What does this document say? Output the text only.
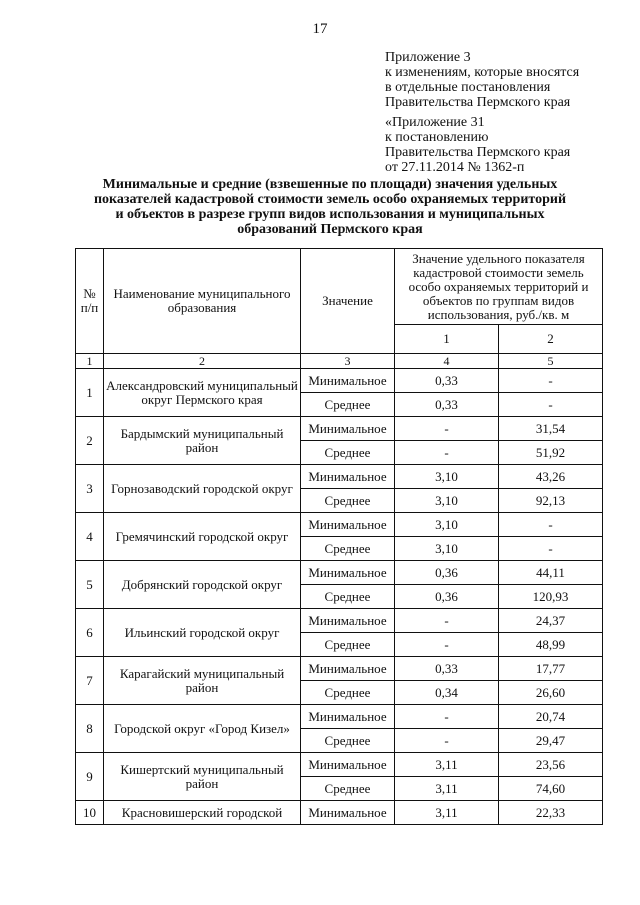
17
Приложение 3
к изменениям, которые вносятся
в отдельные постановления
Правительства Пермского края
«Приложение 31
к постановлению
Правительства Пермского края
от 27.11.2014 № 1362-п
Минимальные и средние (взвешенные по площади) значения удельных
показателей кадастровой стоимости земель особо охраняемых территорий
и объектов в разрезе групп видов использования и муниципальных
образований Пермского края
№ п/п	Наименование муниципального образования	Значение	Значение удельного показателя кадастровой стоимости земель особо охраняемых территорий и объектов по группам видов использования, руб./кв. м	
			1	2
1	2	3	4	5
1	Александровский муниципальный округ Пермского края	Минимальное	0,33	-
		Среднее	0,33	-
2	Бардымский муниципальный район	Минимальное	-	31,54
		Среднее	-	51,92
3	Горнозаводский городской округ	Минимальное	3,10	43,26
		Среднее	3,10	92,13
4	Гремячинский городской округ	Минимальное	3,10	-
		Среднее	3,10	-
5	Добрянский городской округ	Минимальное	0,36	44,11
		Среднее	0,36	120,93
6	Ильинский городской округ	Минимальное	-	24,37
		Среднее	-	48,99
7	Карагайский муниципальный район	Минимальное	0,33	17,77
		Среднее	0,34	26,60
8	Городской округ «Город Кизел»	Минимальное	-	20,74
		Среднее	-	29,47
9	Кишертский муниципальный район	Минимальное	3,11	23,56
		Среднее	3,11	74,60
10	Красновишерский городской	Минимальное	3,11	22,33
